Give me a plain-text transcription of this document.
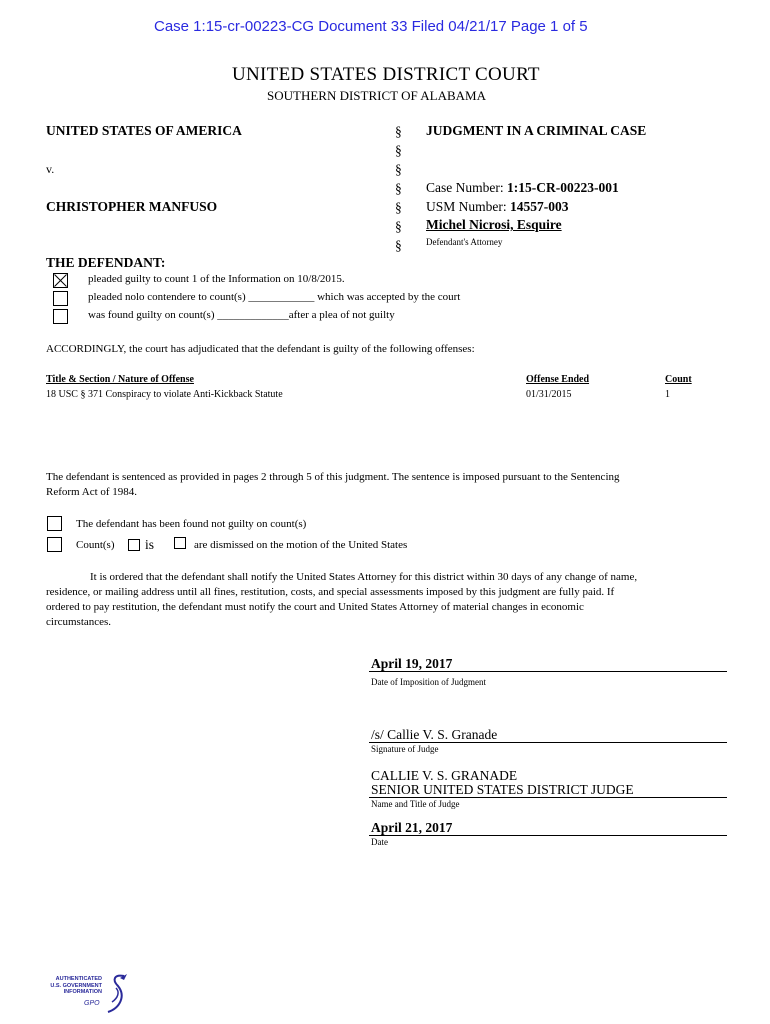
Case 1:15-cr-00223-CG Document 33 Filed 04/21/17 Page 1 of 5
UNITED STATES DISTRICT COURT
SOUTHERN DISTRICT OF ALABAMA
UNITED STATES OF AMERICA
v.
CHRISTOPHER MANFUSO
§
§
§
§
§
§
§
JUDGMENT IN A CRIMINAL CASE
Case Number: 1:15-CR-00223-001
USM Number: 14557-003
Michel Nicrosi, Esquire
Defendant's Attorney
THE DEFENDANT:
pleaded guilty to count 1 of the Information on 10/8/2015.
pleaded nolo contendere to count(s) ____________ which was accepted by the court
was found guilty on count(s) _____________after a plea of not guilty
ACCORDINGLY, the court has adjudicated that the defendant is guilty of the following offenses:
Title & Section / Nature of Offense	Offense Ended	Count
18 USC § 371 Conspiracy to violate Anti-Kickback Statute	01/31/2015	1
The defendant is sentenced as provided in pages 2 through 5 of this judgment. The sentence is imposed pursuant to the Sentencing
Reform Act of 1984.
The defendant has been found not guilty on count(s)
Count(s) is	are dismissed on the motion of the United States
It is ordered that the defendant shall notify the United States Attorney for this district within 30 days of any change of name,
residence, or mailing address until all fines, restitution, costs, and special assessments imposed by this judgment are fully paid. If
ordered to pay restitution, the defendant must notify the court and United States Attorney of material changes in economic
circumstances.
April 19, 2017
Date of Imposition of Judgment
/s/ Callie V. S. Granade
Signature of Judge
CALLIE V. S. GRANADE
SENIOR UNITED STATES DISTRICT JUDGE
Name and Title of Judge
April 21, 2017
Date
AUTHENTICATED
U.S. GOVERNMENT
INFORMATION
GPO
